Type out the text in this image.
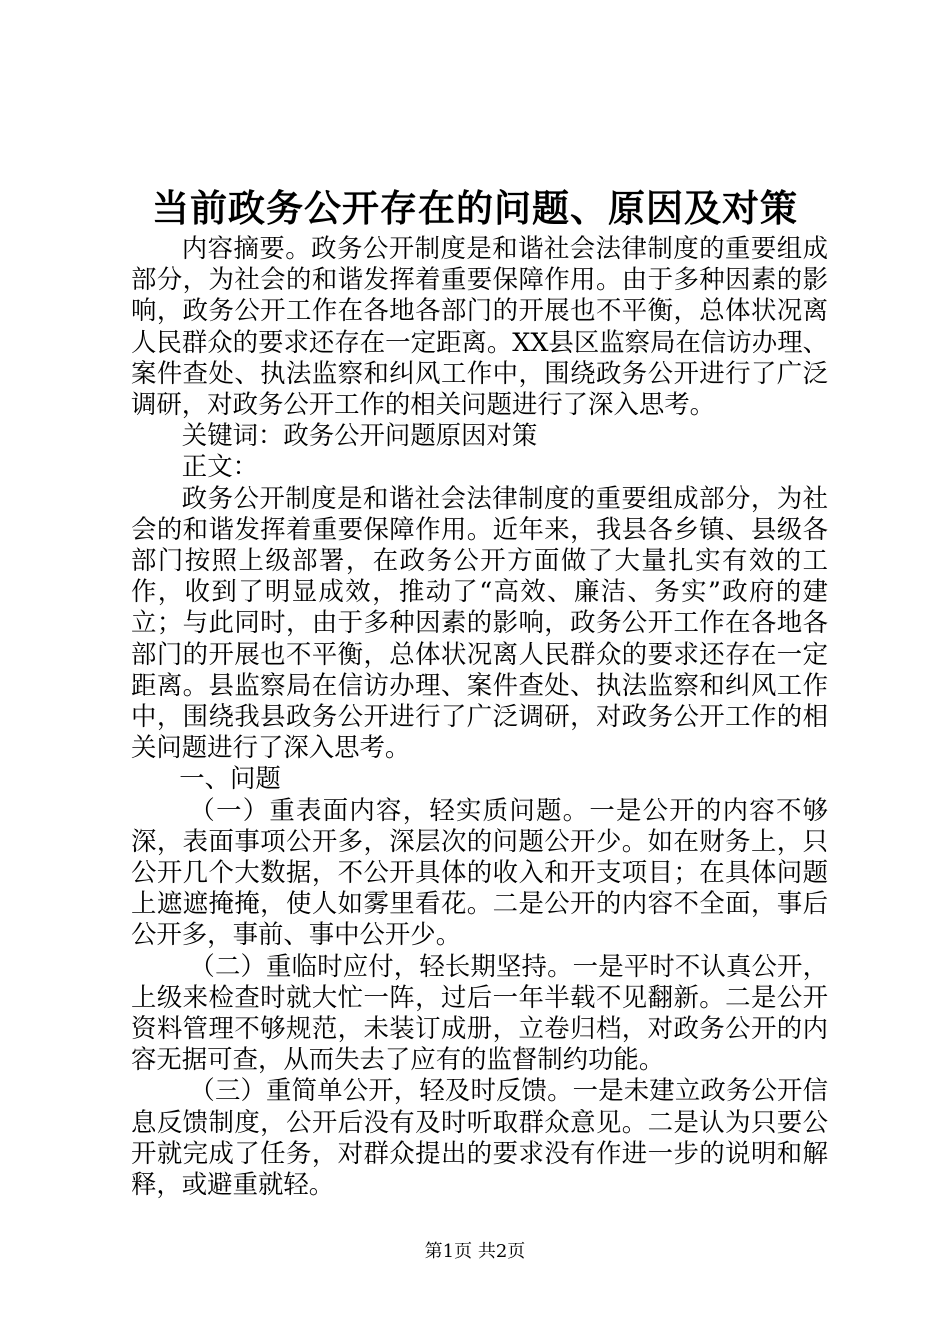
当前政务公开存在的问题、原因及对策

内容摘要。政务公开制度是和谐社会法律制度的重要组成部分，为社会的和谐发挥着重要保障作用。由于多种因素的影响，政务公开工作在各地各部门的开展也不平衡，总体状况离人民群众的要求还存在一定距离。XX县区监察局在信访办理、案件查处、执法监察和纠风工作中，围绕政务公开进行了广泛调研，对政务公开工作的相关问题进行了深入思考。

关键词：政务公开问题原因对策

正文：

政务公开制度是和谐社会法律制度的重要组成部分，为社会的和谐发挥着重要保障作用。近年来，我县各乡镇、县级各部门按照上级部署，在政务公开方面做了大量扎实有效的工作，收到了明显成效，推动了“高效、廉洁、务实”政府的建立；与此同时，由于多种因素的影响，政务公开工作在各地各部门的开展也不平衡，总体状况离人民群众的要求还存在一定距离。县监察局在信访办理、案件查处、执法监察和纠风工作中，围绕我县政务公开进行了广泛调研，对政务公开工作的相关问题进行了深入思考。

一、问题

（一）重表面内容，轻实质问题。一是公开的内容不够深，表面事项公开多，深层次的问题公开少。如在财务上，只公开几个大数据，不公开具体的收入和开支项目；在具体问题上遮遮掩掩，使人如雾里看花。二是公开的内容不全面，事后公开多，事前、事中公开少。

（二）重临时应付，轻长期坚持。一是平时不认真公开，上级来检查时就大忙一阵，过后一年半载不见翻新。二是公开资料管理不够规范，未装订成册，立卷归档，对政务公开的内容无据可查，从而失去了应有的监督制约功能。

（三）重简单公开，轻及时反馈。一是未建立政务公开信息反馈制度，公开后没有及时听取群众意见。二是认为只要公开就完成了任务，对群众提出的要求没有作进一步的说明和解释，或避重就轻。

第1页 共2页
